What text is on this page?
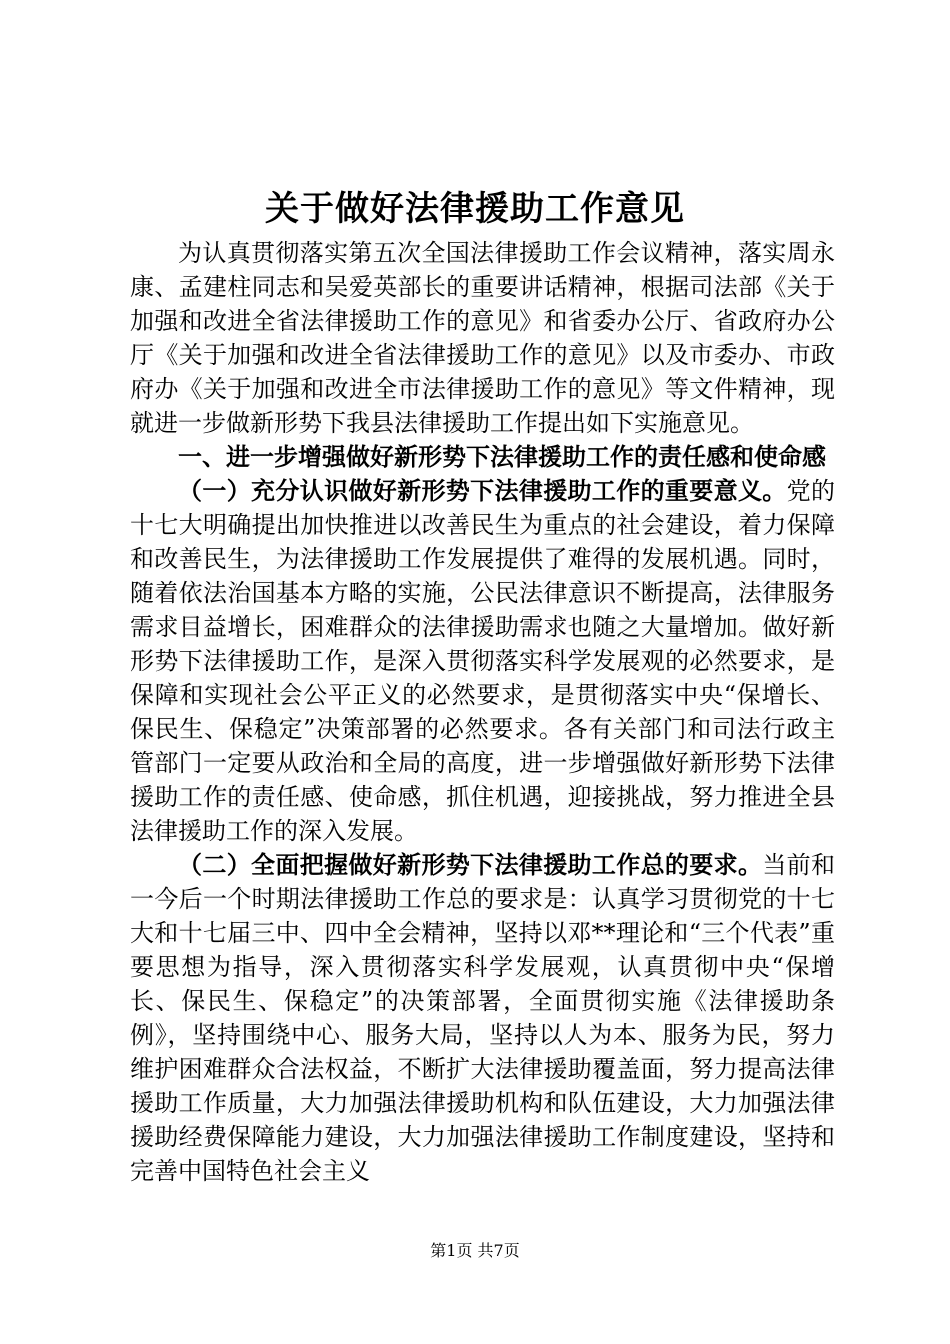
关于做好法律援助工作意见

为认真贯彻落实第五次全国法律援助工作会议精神，落实周永康、孟建柱同志和吴爱英部长的重要讲话精神，根据司法部《关于加强和改进全省法律援助工作的意见》和省委办公厅、省政府办公厅《关于加强和改进全省法律援助工作的意见》以及市委办、市政府办《关于加强和改进全市法律援助工作的意见》等文件精神，现就进一步做新形势下我县法律援助工作提出如下实施意见。

一、进一步增强做好新形势下法律援助工作的责任感和使命感

（一）充分认识做好新形势下法律援助工作的重要意义。党的十七大明确提出加快推进以改善民生为重点的社会建设，着力保障和改善民生，为法律援助工作发展提供了难得的发展机遇。同时，随着依法治国基本方略的实施，公民法律意识不断提高，法律服务需求目益增长，困难群众的法律援助需求也随之大量增加。做好新形势下法律援助工作，是深入贯彻落实科学发展观的必然要求，是保障和实现社会公平正义的必然要求，是贯彻落实中央“保增长、保民生、保稳定”决策部署的必然要求。各有关部门和司法行政主管部门一定要从政治和全局的高度，进一步增强做好新形势下法律援助工作的责任感、使命感，抓住机遇，迎接挑战，努力推进全县法律援助工作的深入发展。

（二）全面把握做好新形势下法律援助工作总的要求。当前和一今后一个时期法律援助工作总的要求是：认真学习贯彻党的十七大和十七届三中、四中全会精神，坚持以邓**理论和“三个代表”重要思想为指导，深入贯彻落实科学发展观，认真贯彻中央“保增长、保民生、保稳定”的决策部署，全面贯彻实施《法律援助条例》，坚持围绕中心、服务大局，坚持以人为本、服务为民，努力维护困难群众合法权益，不断扩大法律援助覆盖面，努力提高法律援助工作质量，大力加强法律援助机构和队伍建设，大力加强法律援助经费保障能力建设，大力加强法律援助工作制度建设，坚持和完善中国特色社会主义

第1页 共7页
